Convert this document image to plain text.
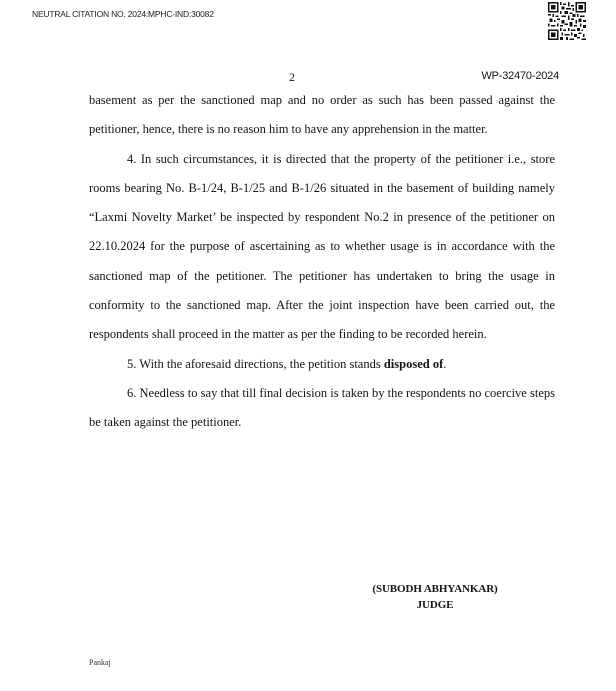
NEUTRAL CITATION NO. 2024:MPHC-IND:30082
2	WP-32470-2024

basement as per the sanctioned map and no order as such has been passed against the petitioner, hence, there is no reason him to have any apprehension in the matter.

4. In such circumstances, it is directed that the property of the petitioner i.e., store rooms bearing No. B-1/24, B-1/25 and B-1/26 situated in the basement of building namely “Laxmi Novelty Market’ be inspected by respondent No.2 in presence of the petitioner on 22.10.2024 for the purpose of ascertaining as to whether usage is in accordance with the sanctioned map of the petitioner. The petitioner has undertaken to bring the usage in conformity to the sanctioned map. After the joint inspection have been carried out, the respondents shall proceed in the matter as per the finding to be recorded herein.

5. With the aforesaid directions, the petition stands disposed of.

6. Needless to say that till final decision is taken by the respondents no coercive steps be taken against the petitioner.

(SUBODH ABHYANKAR)
JUDGE
Pankaj
